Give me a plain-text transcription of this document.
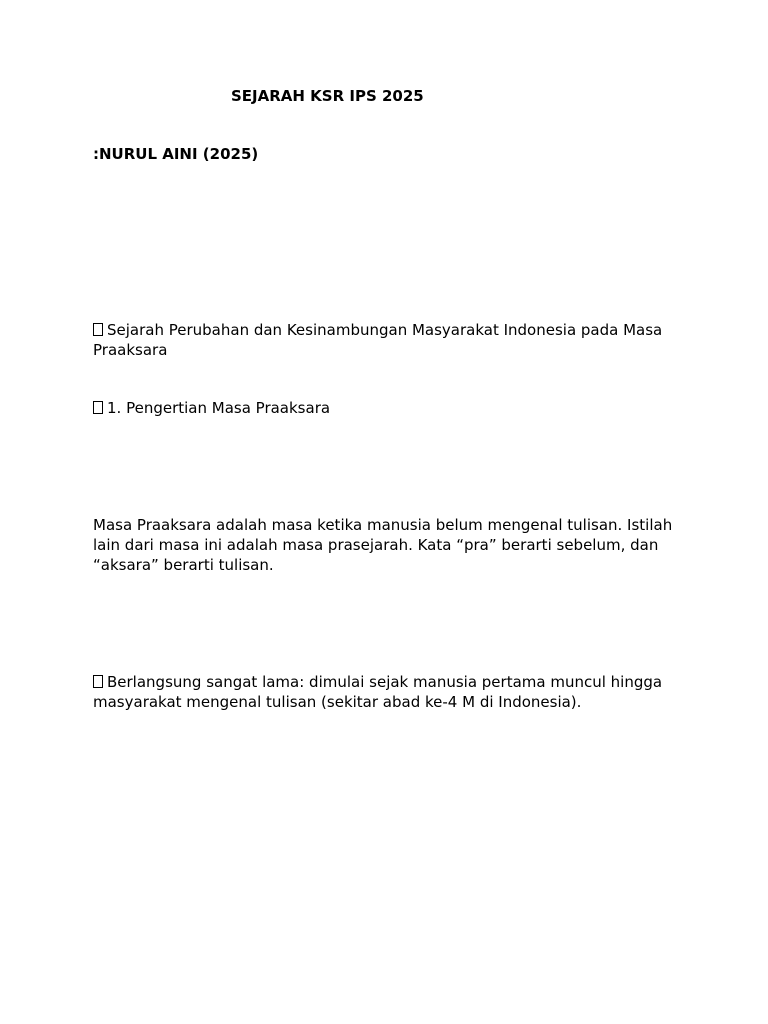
SEJARAH KSR IPS 2025

:NURUL AINI (2025)

Sejarah Perubahan dan Kesinambungan Masyarakat Indonesia pada Masa Praaksara

1. Pengertian Masa Praaksara

Masa Praaksara adalah masa ketika manusia belum mengenal tulisan. Istilah lain dari masa ini adalah masa prasejarah. Kata “pra” berarti sebelum, dan “aksara” berarti tulisan.

Berlangsung sangat lama: dimulai sejak manusia pertama muncul hingga masyarakat mengenal tulisan (sekitar abad ke-4 M di Indonesia).
